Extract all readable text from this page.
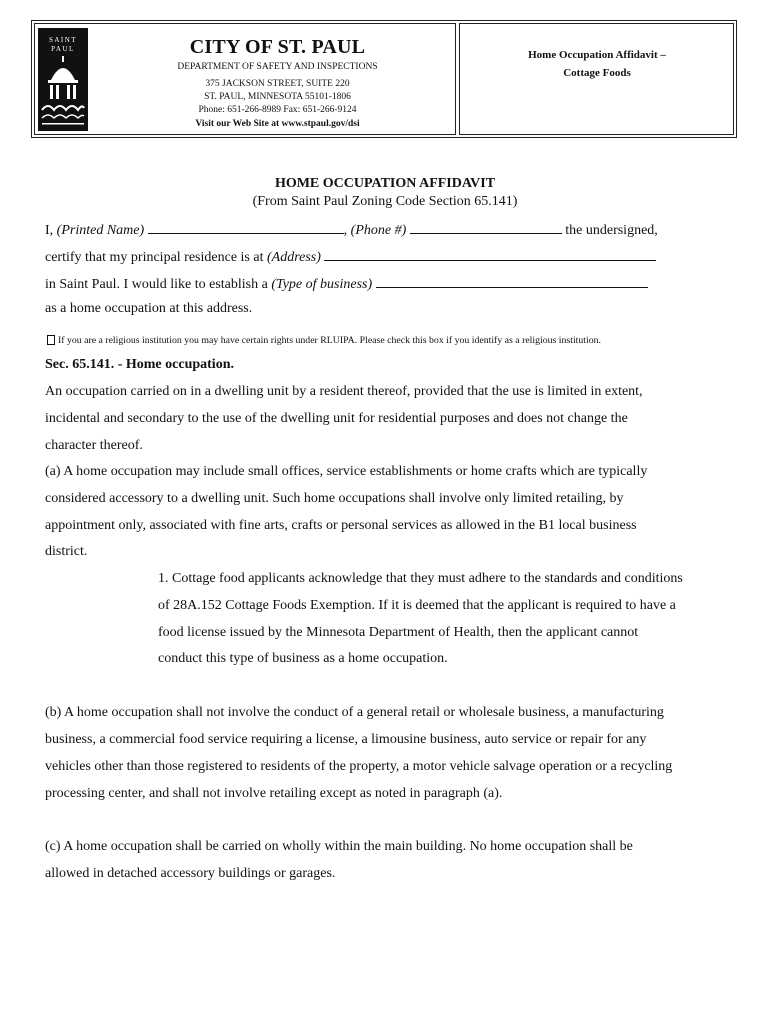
SAINT
PAUL	CITY OF ST. PAUL
DEPARTMENT OF SAFETY AND INSPECTIONS
375 JACKSON STREET, SUITE 220
ST. PAUL, MINNESOTA 55101-1806
Phone: 651-266-8989 Fax: 651-266-9124
Visit our Web Site at www.stpaul.gov/dsi
Home Occupation Affidavit –
Cottage Foods
HOME OCCUPATION AFFIDAVIT
(From Saint Paul Zoning Code Section 65.141)
I, (Printed Name)	, (Phone #)	the undersigned,
certify that my principal residence is at (Address)
in Saint Paul. I would like to establish a (Type of business)
as a home occupation at this address.
If you are a religious institution you may have certain rights under RLUIPA. Please check this box if you identify as a religious institution.
Sec. 65.141. - Home occupation.
An occupation carried on in a dwelling unit by a resident thereof, provided that the use is limited in extent,
incidental and secondary to the use of the dwelling unit for residential purposes and does not change the
character thereof.
(a) A home occupation may include small offices, service establishments or home crafts which are typically
considered accessory to a dwelling unit. Such home occupations shall involve only limited retailing, by
appointment only, associated with fine arts, crafts or personal services as allowed in the B1 local business
district.
1. Cottage food applicants acknowledge that they must adhere to the standards and conditions
of 28A.152 Cottage Foods Exemption. If it is deemed that the applicant is required to have a
food license issued by the Minnesota Department of Health, then the applicant cannot
conduct this type of business as a home occupation.
(b) A home occupation shall not involve the conduct of a general retail or wholesale business, a manufacturing
business, a commercial food service requiring a license, a limousine business, auto service or repair for any
vehicles other than those registered to residents of the property, a motor vehicle salvage operation or a recycling
processing center, and shall not involve retailing except as noted in paragraph (a).
(c) A home occupation shall be carried on wholly within the main building. No home occupation shall be
allowed in detached accessory buildings or garages.
